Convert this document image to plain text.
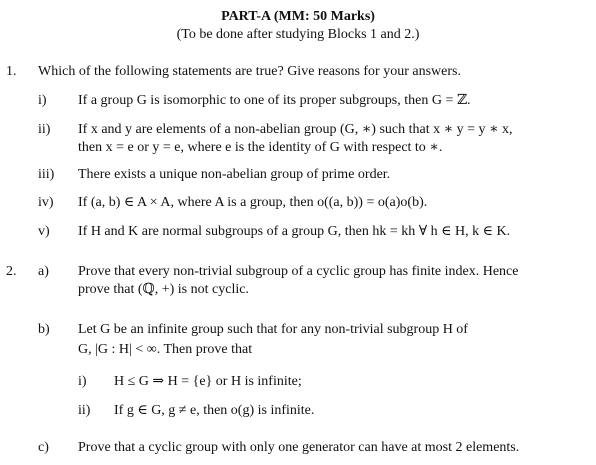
PART-A (MM: 50 Marks)
(To be done after studying Blocks 1 and 2.)
1. Which of the following statements are true? Give reasons for your answers.
i) If a group G is isomorphic to one of its proper subgroups, then G = ℤ.
ii) If x and y are elements of a non-abelian group (G, ∗) such that x ∗ y = y ∗ x,
then x = e or y = e, where e is the identity of G with respect to ∗.
iii) There exists a unique non-abelian group of prime order.
iv) If (a, b) ∈ A × A, where A is a group, then o((a, b)) = o(a)o(b).
v) If H and K are normal subgroups of a group G, then hk = kh ∀ h ∈ H, k ∈ K.
2. a) Prove that every non-trivial subgroup of a cyclic group has finite index. Hence
prove that (ℚ, +) is not cyclic.
b) Let G be an infinite group such that for any non-trivial subgroup H of
G, |G : H| < ∞. Then prove that
i) H ≤ G ⇒ H = {e} or H is infinite;
ii) If g ∈ G, g ≠ e, then o(g) is infinite.
c) Prove that a cyclic group with only one generator can have at most 2 elements.
